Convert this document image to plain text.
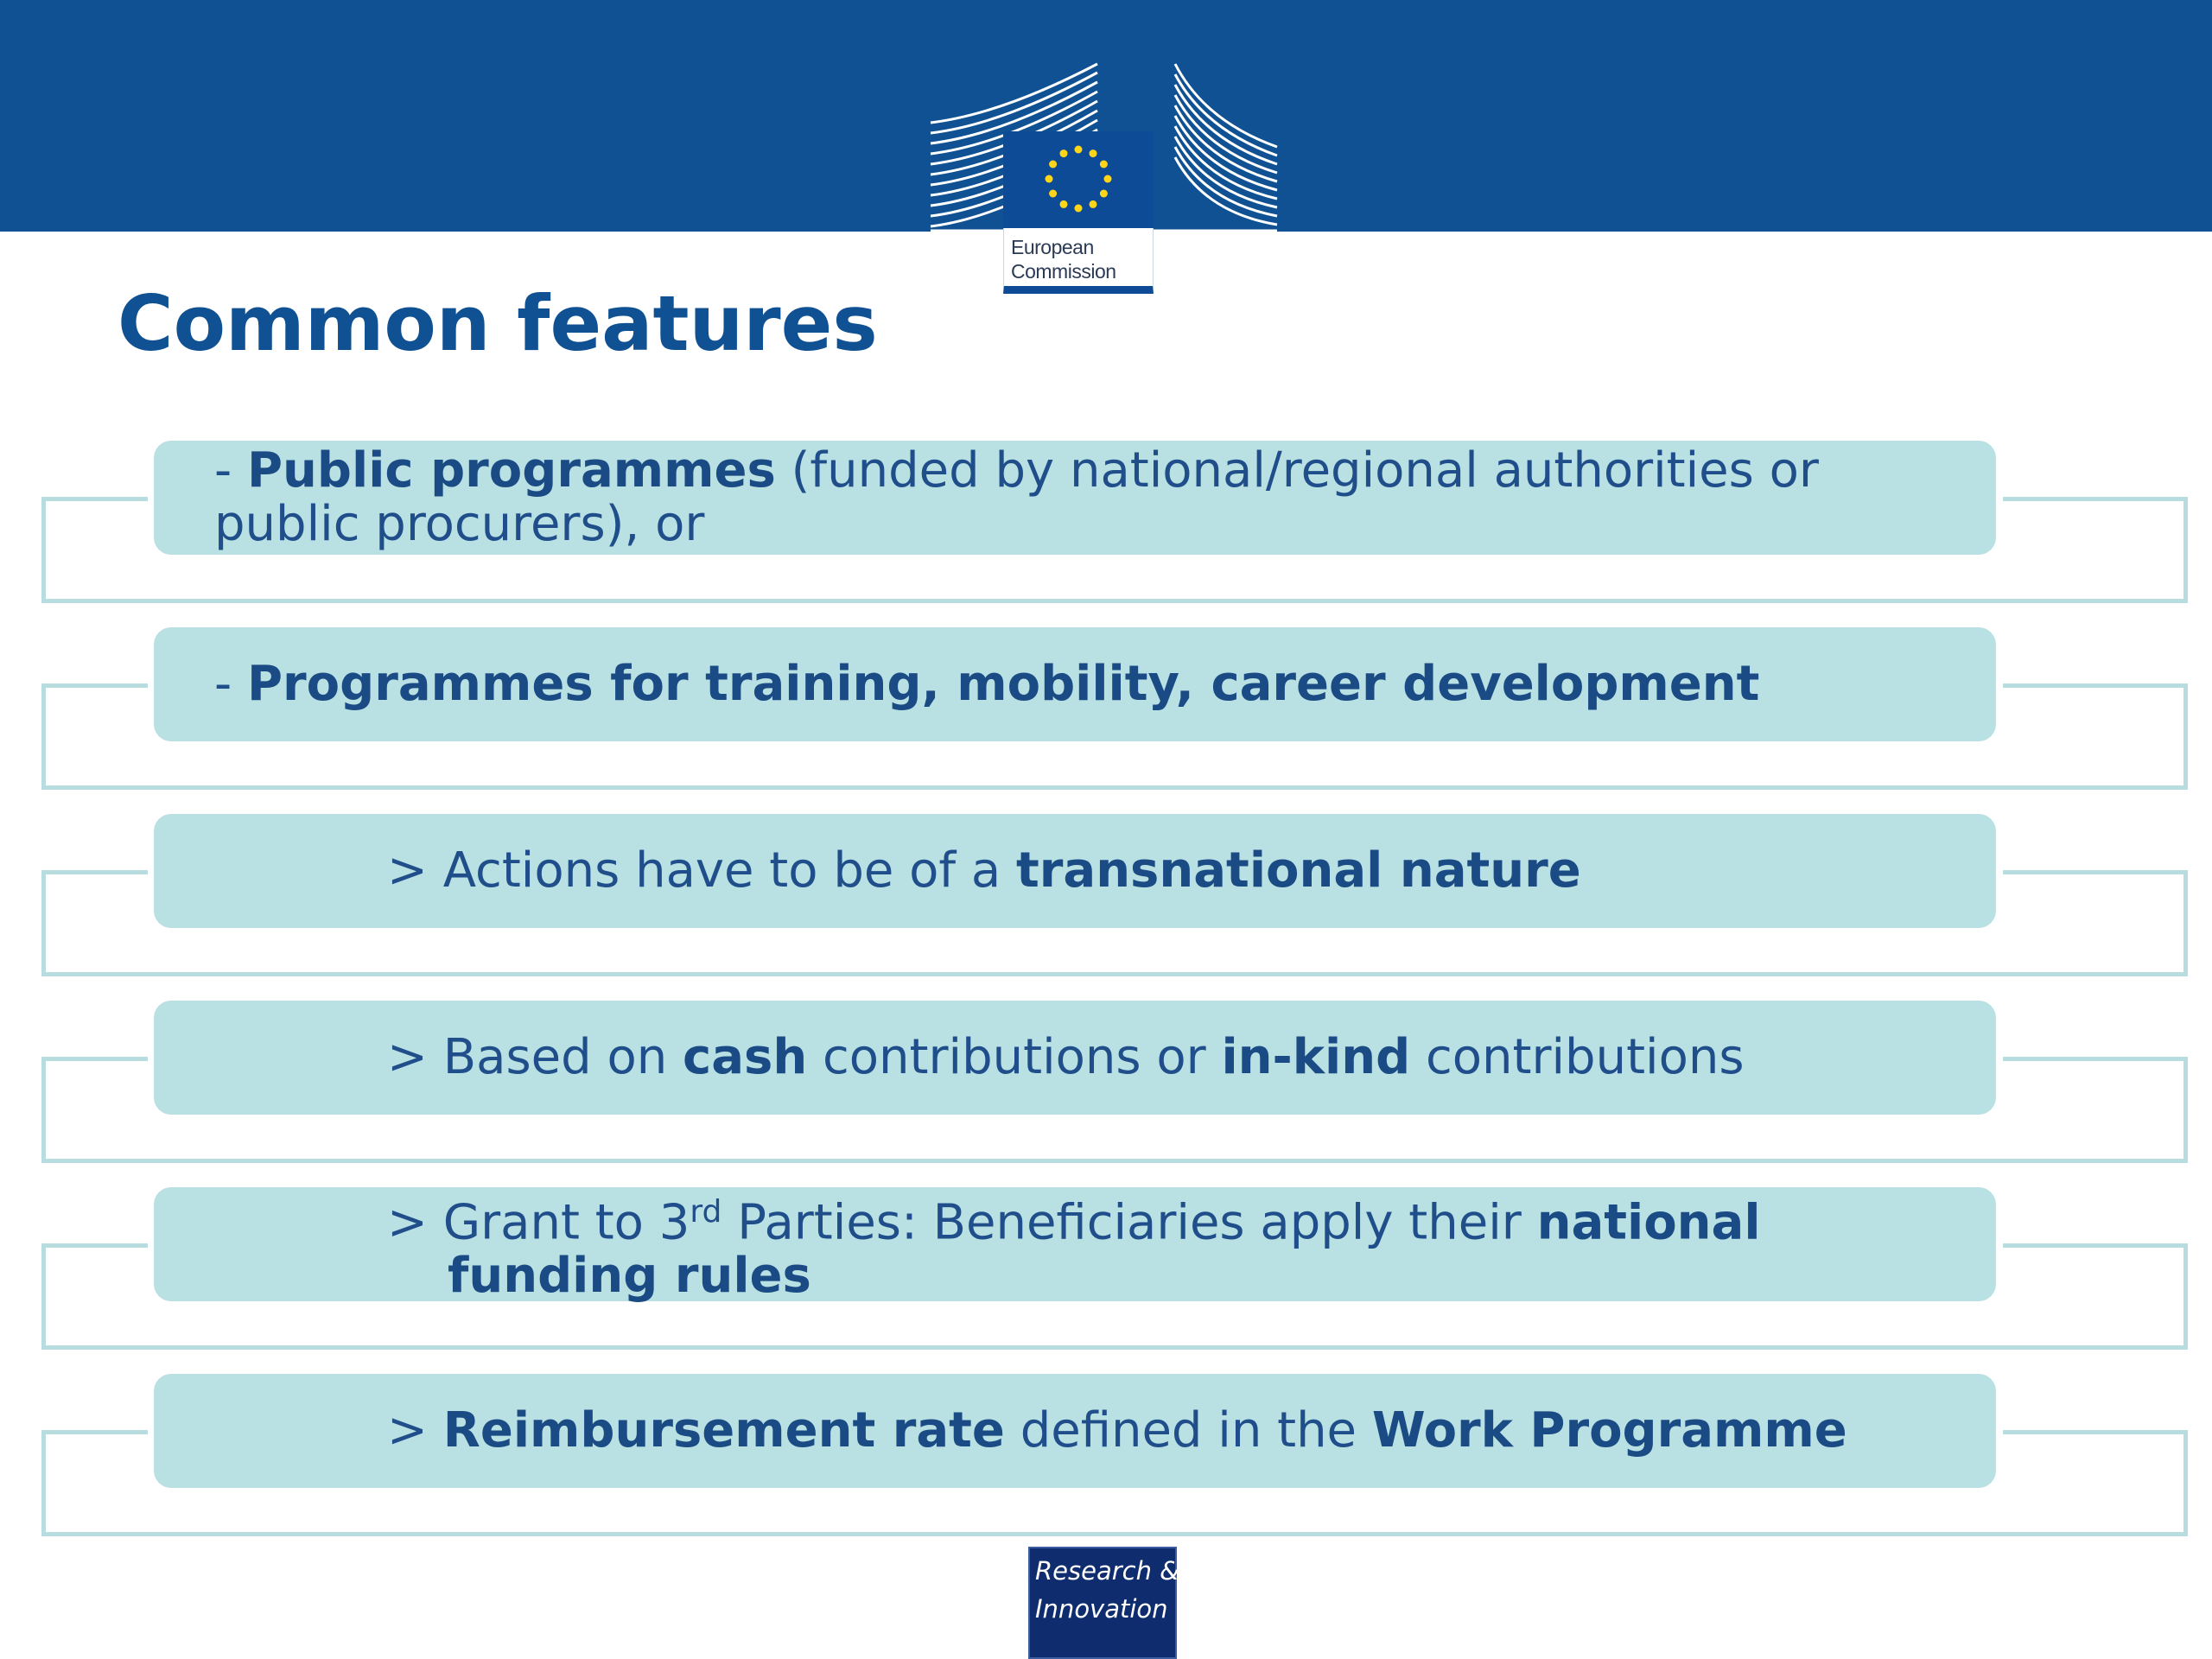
European
Commission
Common features
- Public programmes (funded by national/regional authorities or
public procurers), or
- Programmes for training, mobility, career development
> Actions have to be of a transnational nature
> Based on cash contributions or in-kind contributions
> Grant to 3rd Parties: Beneficiaries apply their national
funding rules
> Reimbursement rate defined in the Work Programme
Research &
Innovation
